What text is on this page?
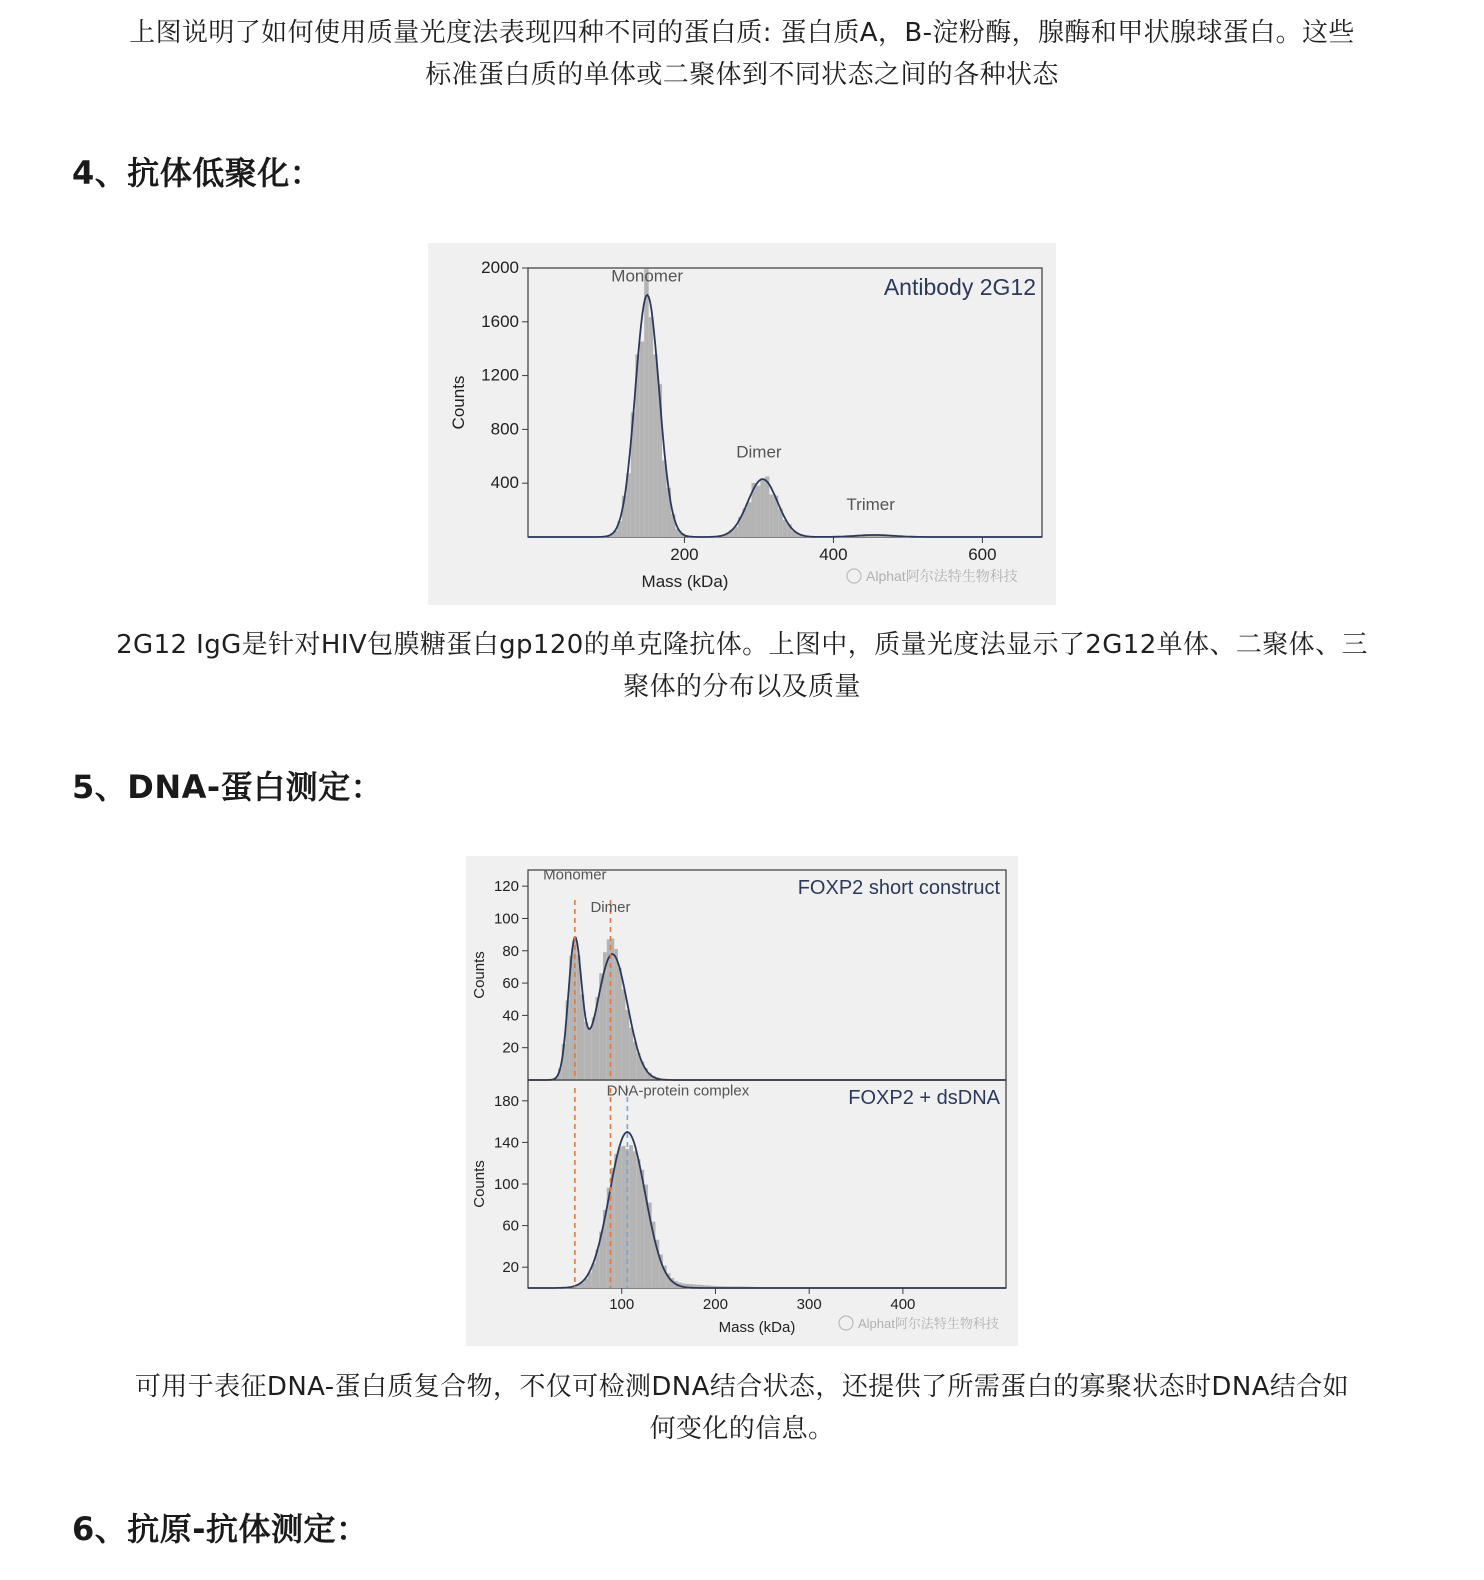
上图说明了如何使用质量光度法表现四种不同的蛋白质: 蛋白质A，B-淀粉酶，腺酶和甲状腺球蛋白。这些
标准蛋白质的单体或二聚体到不同状态之间的各种状态

4、抗体低聚化：
400
800
1200
1600
2000
200	400	600
Counts
Mass (kDa)
Antibody 2G12
Monomer
Dimer
Trimer
Alphat阿尔法特生物科技

2G12 IgG是针对HIV包膜糖蛋白gp120的单克隆抗体。上图中，质量光度法显示了2G12单体、二聚体、三
聚体的分布以及质量

5、DNA-蛋白测定：
20
40
60
80
100
120
Counts
FOXP2 short construct
Monomer
Dimer
20
60
100
140
180
100	200	300	400
Counts
Mass (kDa)
FOXP2 + dsDNA
DNA-protein complex
Alphat阿尔法特生物科技

可用于表征DNA-蛋白质复合物，不仅可检测DNA结合状态，还提供了所需蛋白的寡聚状态时DNA结合如
何变化的信息。

6、抗原-抗体测定：
